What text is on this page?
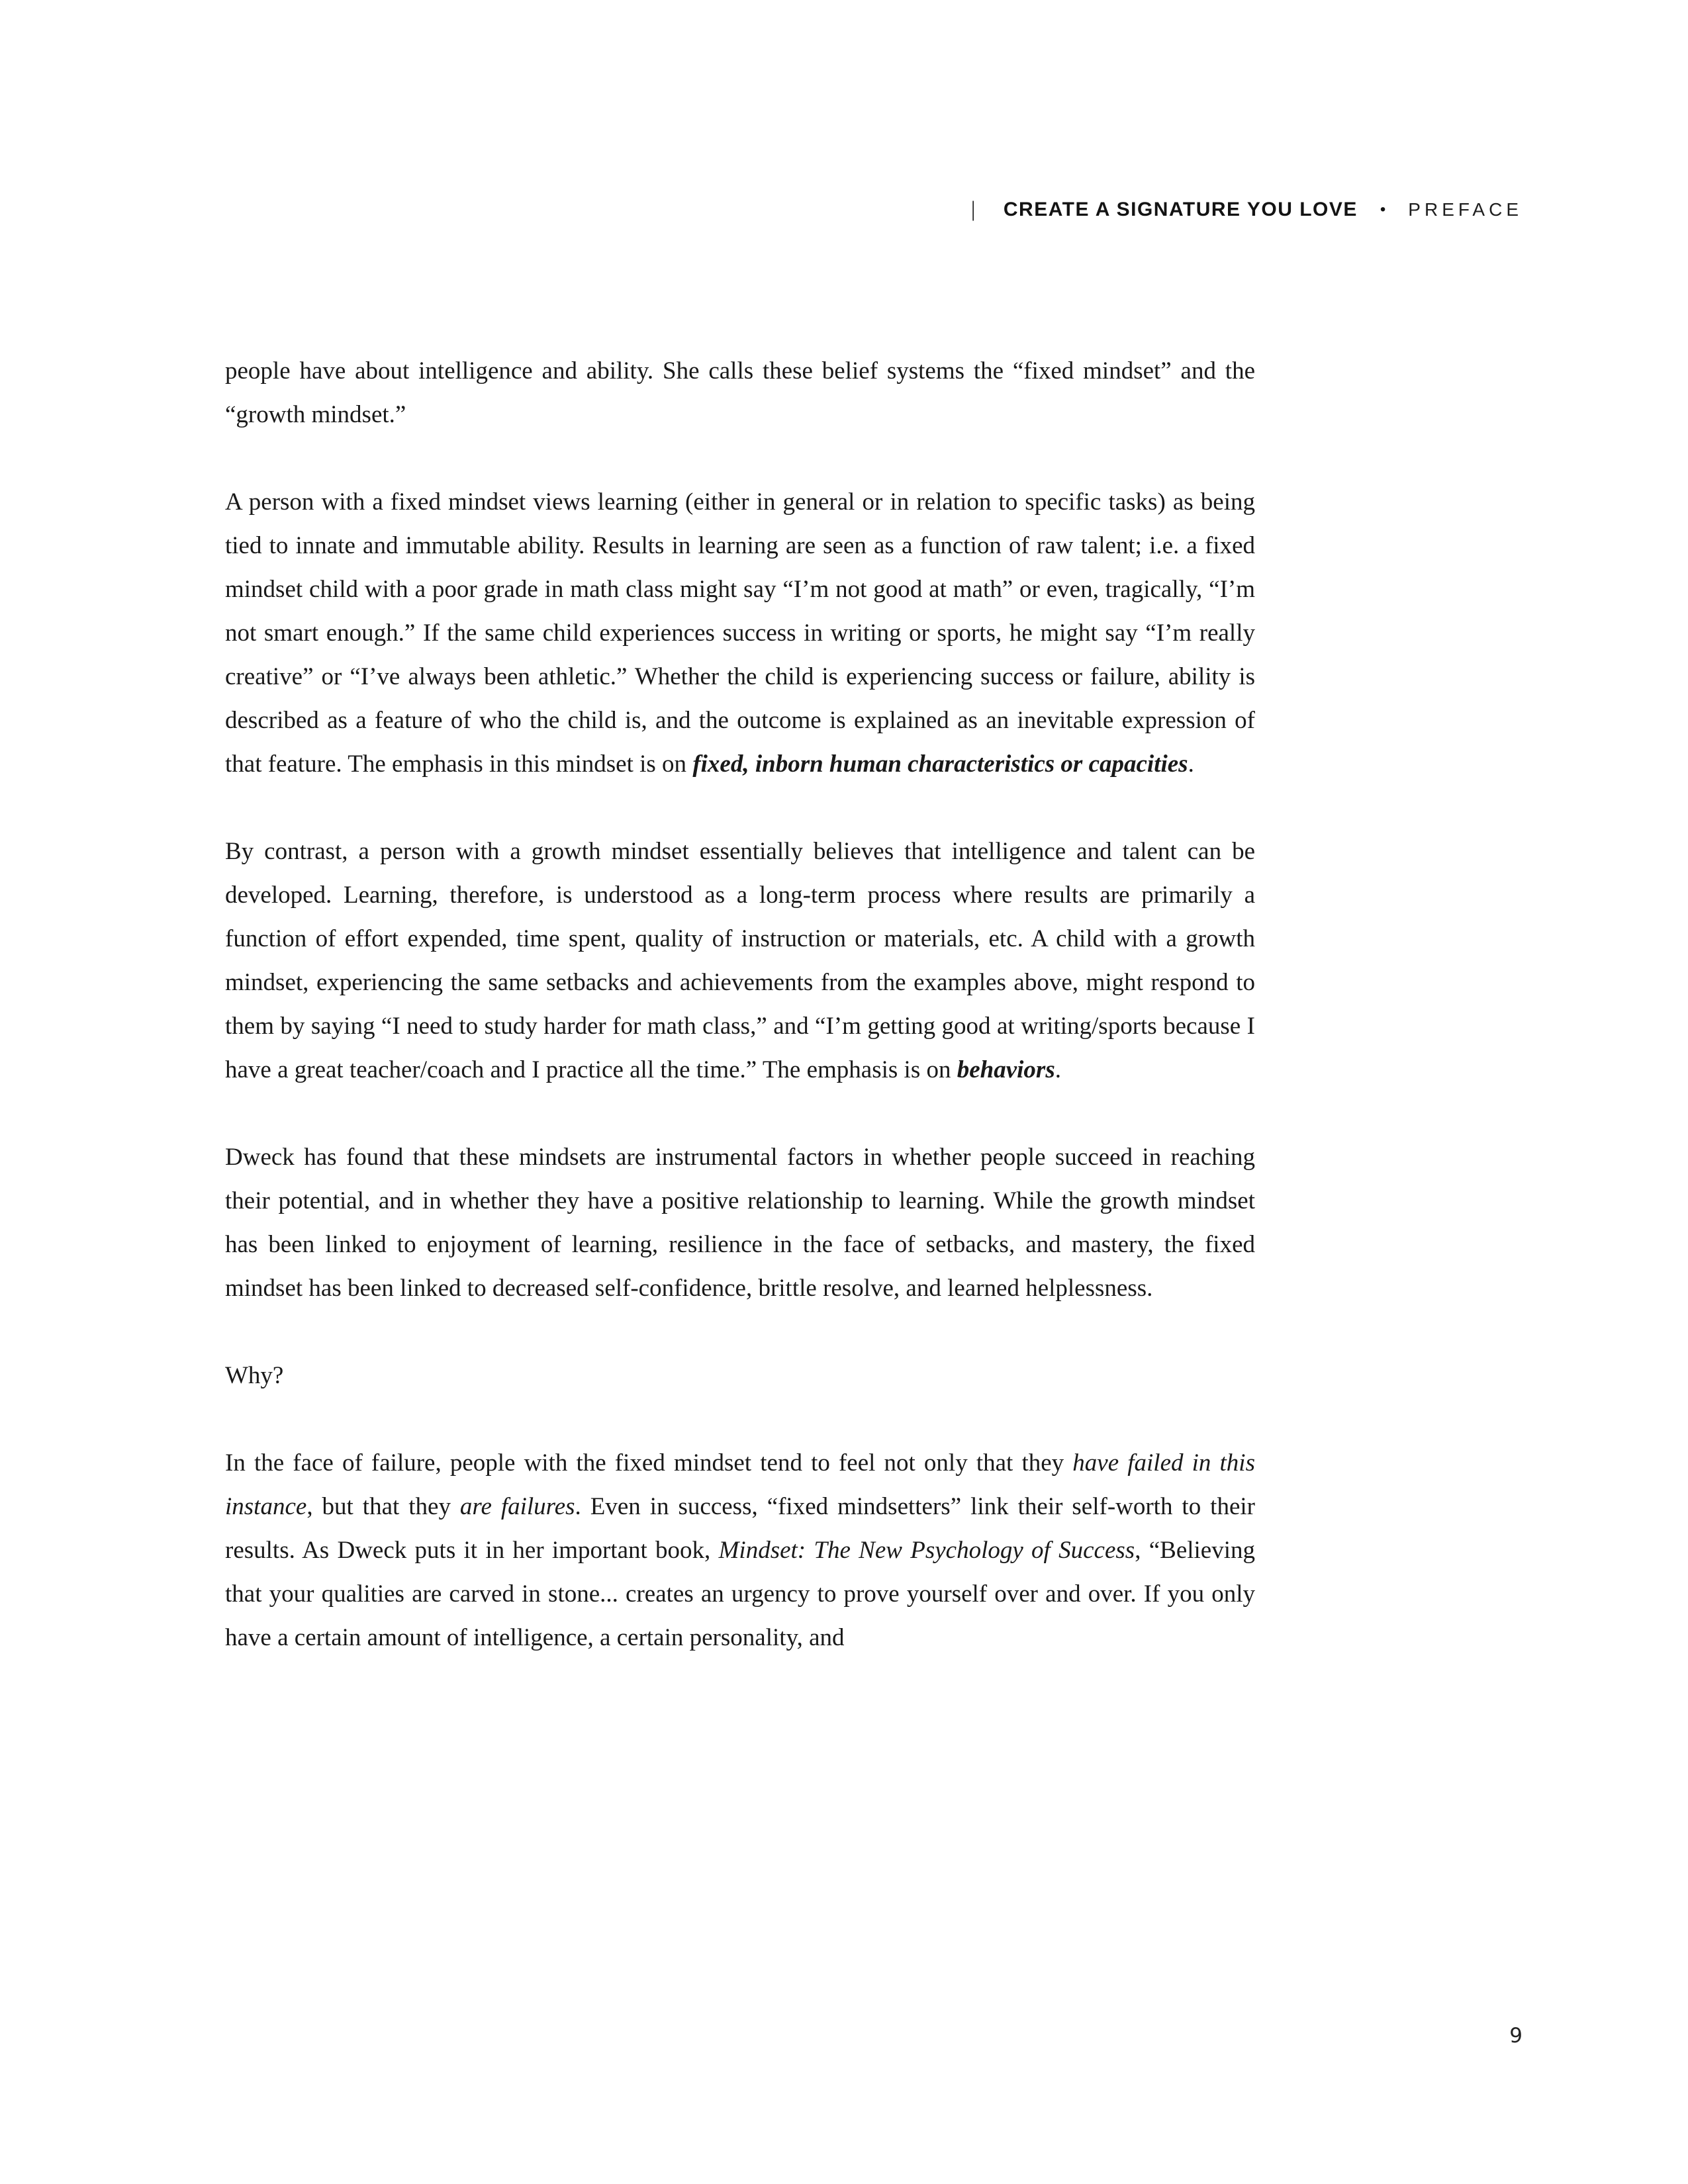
| CREATE A SIGNATURE YOU LOVE • PREFACE

people have about intelligence and ability. She calls these belief systems the “fixed mindset” and the “growth mindset.”

A person with a fixed mindset views learning (either in general or in relation to specific tasks) as being tied to innate and immutable ability. Results in learning are seen as a function of raw talent; i.e. a fixed mindset child with a poor grade in math class might say “I’m not good at math” or even, tragically, “I’m not smart enough.” If the same child experiences success in writing or sports, he might say “I’m really creative” or “I’ve always been athletic.” Whether the child is experiencing success or failure, ability is described as a feature of who the child is, and the outcome is explained as an inevitable expression of that feature. The emphasis in this mindset is on fixed, inborn human characteristics or capacities.

By contrast, a person with a growth mindset essentially believes that intelligence and talent can be developed. Learning, therefore, is understood as a long-term process where results are primarily a function of effort expended, time spent, quality of instruction or materials, etc. A child with a growth mindset, experiencing the same setbacks and achievements from the examples above, might respond to them by saying “I need to study harder for math class,” and “I’m getting good at writing/sports because I have a great teacher/coach and I practice all the time.” The emphasis is on behaviors.

Dweck has found that these mindsets are instrumental factors in whether people succeed in reaching their potential, and in whether they have a positive relationship to learning. While the growth mindset has been linked to enjoyment of learning, resilience in the face of setbacks, and mastery, the fixed mindset has been linked to decreased self-confidence, brittle resolve, and learned helplessness.

Why?

In the face of failure, people with the fixed mindset tend to feel not only that they have failed in this instance, but that they are failures. Even in success, “fixed mindsetters” link their self-worth to their results. As Dweck puts it in her important book, Mindset: The New Psychology of Success, “Believing that your qualities are carved in stone... creates an urgency to prove yourself over and over. If you only have a certain amount of intelligence, a certain personality, and

9
